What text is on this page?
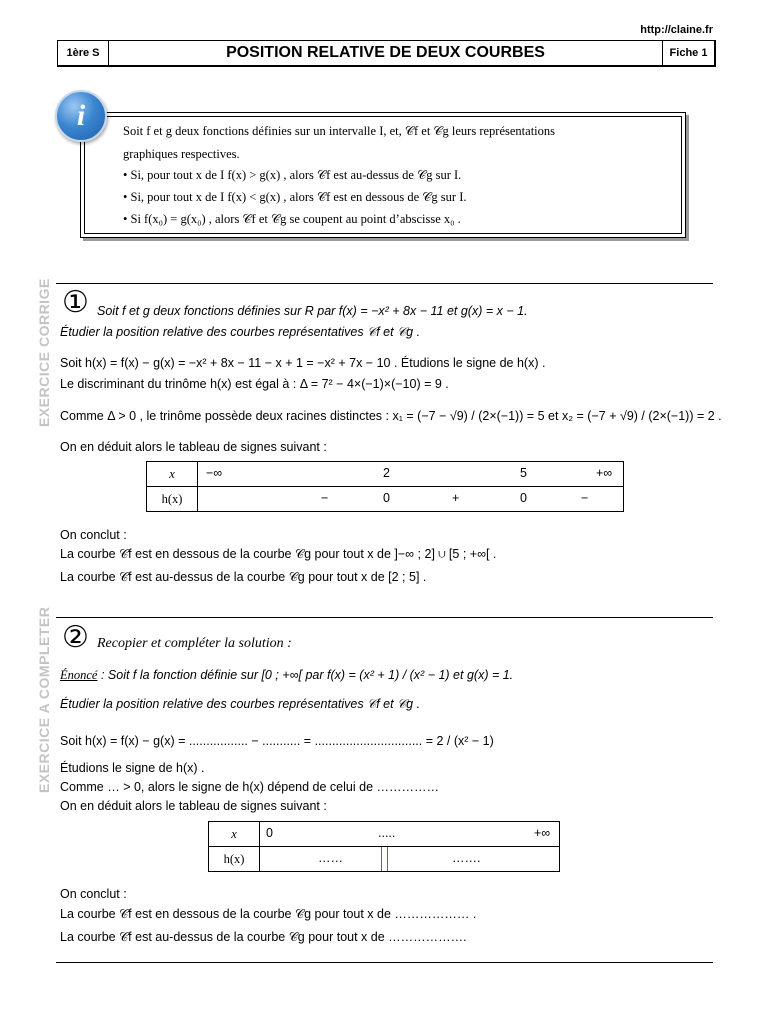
http://claine.fr
1ère S	POSITION RELATIVE DE DEUX COURBES	Fiche 1
Soit f et g deux fonctions définies sur un intervalle I, et, 𝒞f et 𝒞g leurs représentations
graphiques respectives.
• Si, pour tout x de I f(x) > g(x) , alors 𝒞f est au-dessus de 𝒞g sur I.
• Si, pour tout x de I f(x) < g(x) , alors 𝒞f est en dessous de 𝒞g sur I.
• Si f(x₀) = g(x₀) , alors 𝒞f et 𝒞g se coupent au point d’abscisse x₀ .
i
EXERCICE CORRIGE ① Soit f et g deux fonctions définies sur R par f(x) = −x² + 8x − 11 et g(x) = x − 1.
Étudier la position relative des courbes représentatives 𝒞f et 𝒞g .
Soit h(x) = f(x) − g(x) = −x² + 8x − 11 − x + 1 = −x² + 7x − 10 . Étudions le signe de h(x) .
Le discriminant du trinôme h(x) est égal à : Δ = 7² − 4×(−1)×(−10) = 9 .
Comme Δ > 0 , le trinôme possède deux racines distinctes : x₁ = (−7 − √9) / (2×(−1)) = 5 et x₂ = (−7 + √9) / (2×(−1)) = 2 .
On en déduit alors le tableau de signes suivant :
x	−∞ 2 5 +∞

h(x)	− 0 + 0 −
On conclut :
La courbe 𝒞f est en dessous de la courbe 𝒞g pour tout x de ]−∞ ; 2] ∪ [5 ; +∞[ .
La courbe 𝒞f est au-dessus de la courbe 𝒞g pour tout x de [2 ; 5] .
EXERCICE A COMPLETER ② Recopier et compléter la solution :
Énoncé : Soit f la fonction définie sur [0 ; +∞[ par f(x) = (x² + 1) / (x² − 1) et g(x) = 1.
Étudier la position relative des courbes représentatives 𝒞f et 𝒞g .
Soit h(x) = f(x) − g(x) = ................. − ........... = ............................... = 2 / (x² − 1)
Étudions le signe de h(x) .
Comme … > 0, alors le signe de h(x) dépend de celui de ……………
On en déduit alors le tableau de signes suivant :
x	0 ..... +∞

h(x)	…… …….
On conclut :
La courbe 𝒞f est en dessous de la courbe 𝒞g pour tout x de ……………… .
La courbe 𝒞f est au-dessus de la courbe 𝒞g pour tout x de ……………….
